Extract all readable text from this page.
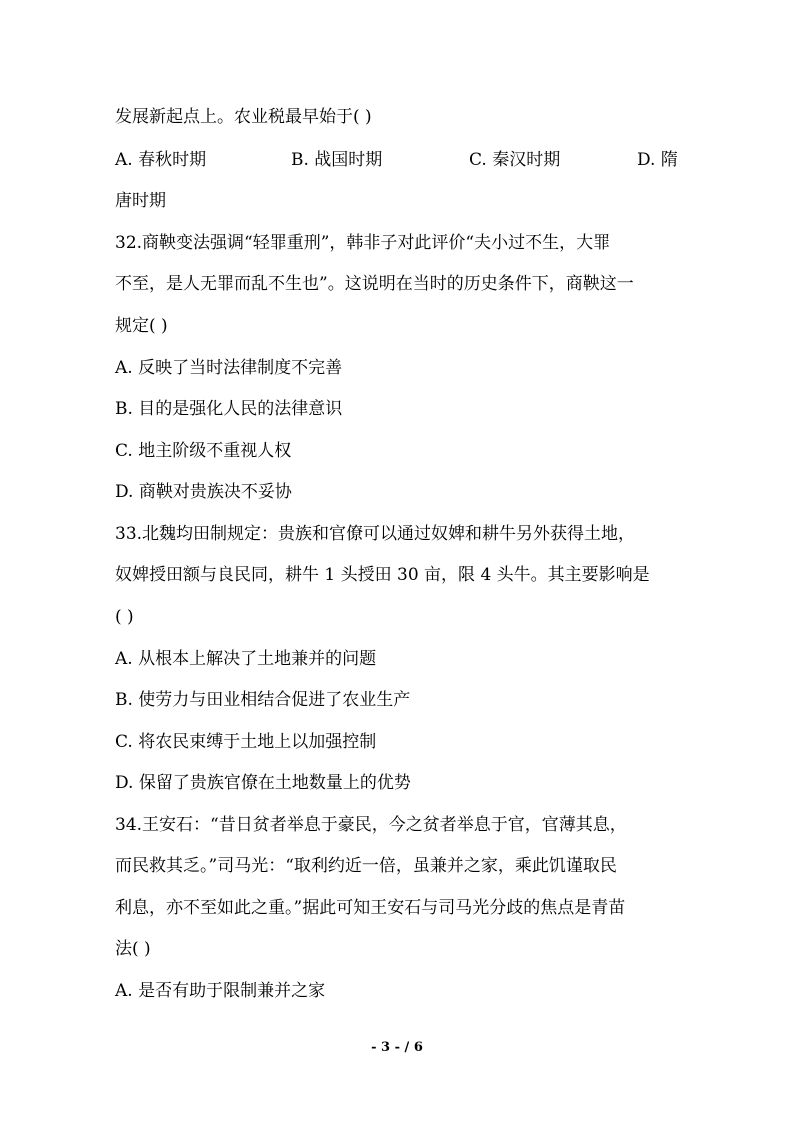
发展新起点上。农业税最早始于( )
A. 春秋时期	B. 战国时期	C. 秦汉时期	D. 隋
唐时期
32.商鞅变法强调“轻罪重刑”，韩非子对此评价“夫小过不生，大罪
不至，是人无罪而乱不生也”。这说明在当时的历史条件下，商鞅这一
规定( )
A. 反映了当时法律制度不完善
B. 目的是强化人民的法律意识
C. 地主阶级不重视人权
D. 商鞅对贵族决不妥协
33.北魏均田制规定：贵族和官僚可以通过奴婢和耕牛另外获得土地，
奴婢授田额与良民同，耕牛 1 头授田 30 亩，限 4 头牛。其主要影响是
( )
A. 从根本上解决了土地兼并的问题
B. 使劳力与田业相结合促进了农业生产
C. 将农民束缚于土地上以加强控制
D. 保留了贵族官僚在土地数量上的优势
34.王安石：“昔日贫者举息于豪民，今之贫者举息于官，官薄其息，
而民救其乏。”司马光：“取利约近一倍，虽兼并之家，乘此饥谨取民
利息，亦不至如此之重。”据此可知王安石与司马光分歧的焦点是青苗
法( )
A. 是否有助于限制兼并之家
- 3 - / 6
